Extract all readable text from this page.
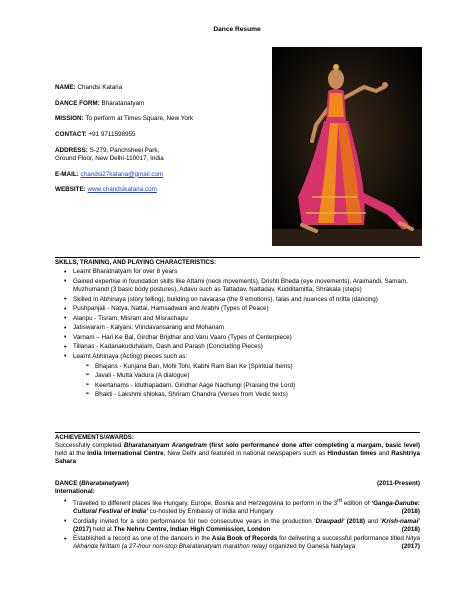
Dance Resume

NAME: Chandsi Kataria

DANCE FORM: Bharatanatyam

MISSION: To perform at Times Square, New York

CONTACT: +91 9711598955

ADDRESS: S-279, Panchsheel Park,
Ground Floor, New Delhi-110017, India

E-MAIL: chandsi27kataria@gmail.com

WEBSITE: www.chandsikataria.com

SKILLS, TRAINING, AND PLAYING CHARACTERISTICS:
• Learnt Bharatnatyam for over 8 years
• Gained expertise in foundation skills like Attami (neck movements), Drishti Bheda (eye movements), Araimandi, Samam, Muzhumandi (3 basic body postures), Adavu such as Tattadav, Nattadav, Kudditamitta, Shrakala (steps)
• Skilled in Abhinaya (story telling), building on navarasa (the 9 emotions), talas and nuances of nritta (dancing)
• Pushpanjali - Natya, Nattai, Hamsadwani and Arabhi (Types of Peace)
• Alaripu - Tisram, Misram and Misrachapu
• Jatiswaram - Kalyani, Vrindavansarang and Mohanam
• Varnam – Hari Ke Bal, Girdhar Brijdhar and Varu Vaaro (Types of Centerpiece)
• Tillanas - Kadanakuduhalam, Dash and Parash (Concluding Pieces)
• Learnt Abhinaya (Acting) pieces such as:
➢ Bhajans - Kunjana Ban, Mohi Tohi, Kabhi Ram Ban Ke (Spiritual Items)
➢ Javali - Mutta Vadura (A dialogue)
➢ Keertanams - Iduthapadam, Giridhar Aage Nachungi (Praising the Lord)
➢ Bhakti - Lakshmi shlokas, Shriram Chandra (Verses from Vedic texts)
ACHIEVEMENTS/AWARDS:

Successfully completed Bharatanatyam Arangetram (first solo performance done after completing a margam, basic level) held at the India International Centre, New Delhi and featured in national newspapers such as Hindustan times and Rashtriya Sahara

DANCE (Bharatanatyam)	(2011-Present)
International:
• Travelled to different places like Hungary, Europe, Bosnia and Herzegovina to perform in the 3rd edition of ‘Ganga-Danube: Cultural Festival of India’ co-hosted by Embassy of India and Hungary	(2018)
• Cordially invited for a solo performance for two consecutive years in the production ‘Draupadi’ (2018) and ‘Krish-namai’ (2017) held at The Nehru Centre, Indian High Commission, London	(2018)
• Established a record as one of the dancers in the Asia Book of Records for delivering a successful performance titled Nitya Akhanda Nrittam (a 27-hour non-stop Bharatanatyam marathon relay) organized by Ganesa Natylaya	(2017)
